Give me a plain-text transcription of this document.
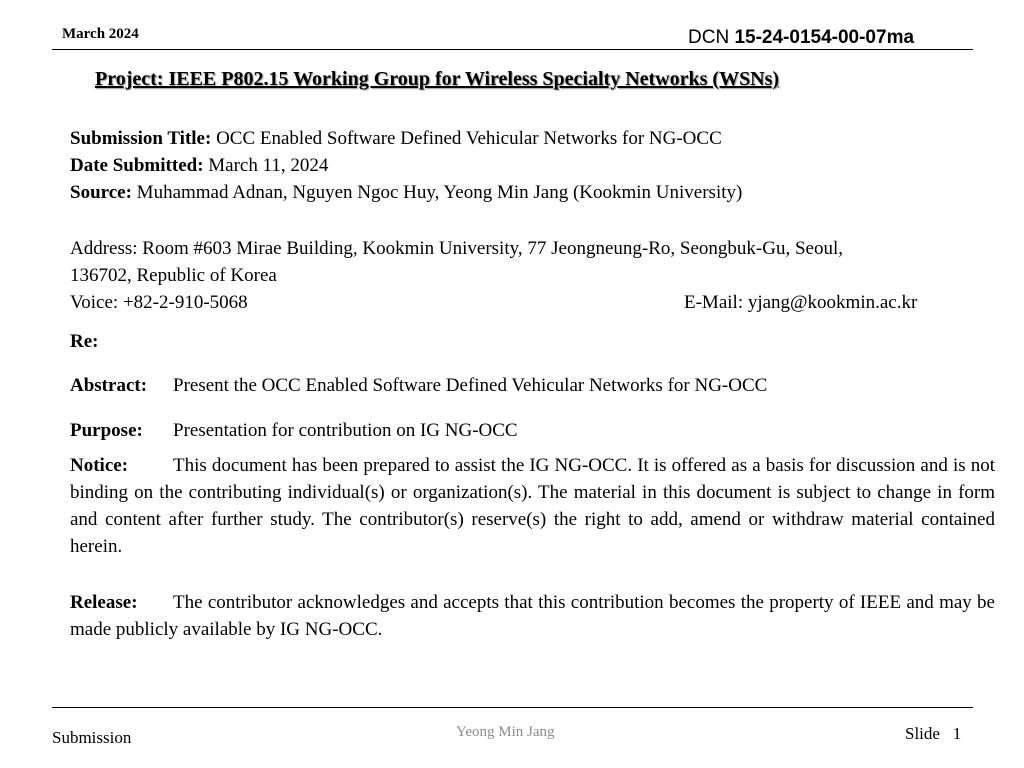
March 2024	DCN 15-24-0154-00-07ma
Project: IEEE P802.15 Working Group for Wireless Specialty Networks (WSNs)
Submission Title: OCC Enabled Software Defined Vehicular Networks for NG-OCC
Date Submitted: March 11, 2024
Source: Muhammad Adnan, Nguyen Ngoc Huy, Yeong Min Jang (Kookmin University)
Address: Room #603 Mirae Building, Kookmin University, 77 Jeongneung-Ro, Seongbuk-Gu, Seoul,
136702, Republic of Korea
Voice: +82-2-910-5068	E-Mail: yjang@kookmin.ac.kr
Re:
Abstract: Present the OCC Enabled Software Defined Vehicular Networks for NG-OCC
Purpose: Presentation for contribution on IG NG-OCC
Notice: This document has been prepared to assist the IG NG-OCC. It is offered as a basis for discussion and is not binding on the contributing individual(s) or organization(s). The material in this document is subject to change in form and content after further study. The contributor(s) reserve(s) the right to add, amend or withdraw material contained herein.
Release: The contributor acknowledges and accepts that this contribution becomes the property of IEEE and may be made publicly available by IG NG-OCC.
Submission	Yeong Min Jang	Slide 1
